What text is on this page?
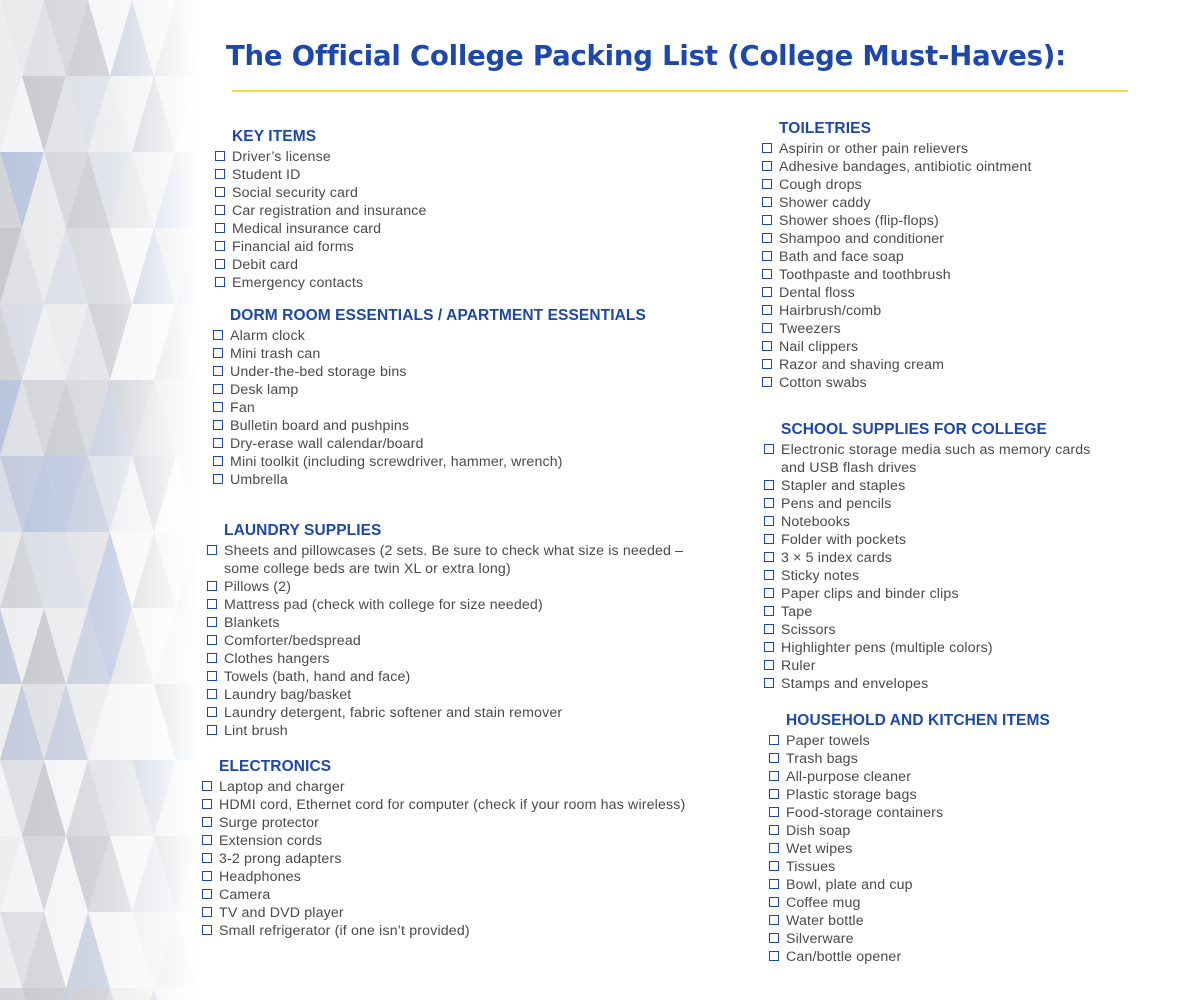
The Official College Packing List (College Must-Haves):
KEY ITEMS
Driver’s license
Student ID
Social security card
Car registration and insurance
Medical insurance card
Financial aid forms
Debit card
Emergency contacts
DORM ROOM ESSENTIALS / APARTMENT ESSENTIALS
Alarm clock
Mini trash can
Under-the-bed storage bins
Desk lamp
Fan
Bulletin board and pushpins
Dry-erase wall calendar/board
Mini toolkit (including screwdriver, hammer, wrench)
Umbrella
LAUNDRY SUPPLIES
Sheets and pillowcases (2 sets. Be sure to check what size is needed –
some college beds are twin XL or extra long)
Pillows (2)
Mattress pad (check with college for size needed)
Blankets
Comforter/bedspread
Clothes hangers
Towels (bath, hand and face)
Laundry bag/basket
Laundry detergent, fabric softener and stain remover
Lint brush
ELECTRONICS
Laptop and charger
HDMI cord, Ethernet cord for computer (check if your room has wireless)
Surge protector
Extension cords
3-2 prong adapters
Headphones
Camera
TV and DVD player
Small refrigerator (if one isn’t provided)
TOILETRIES
Aspirin or other pain relievers
Adhesive bandages, antibiotic ointment
Cough drops
Shower caddy
Shower shoes (flip-flops)
Shampoo and conditioner
Bath and face soap
Toothpaste and toothbrush
Dental floss
Hairbrush/comb
Tweezers
Nail clippers
Razor and shaving cream
Cotton swabs
SCHOOL SUPPLIES FOR COLLEGE
Electronic storage media such as memory cards
and USB flash drives
Stapler and staples
Pens and pencils
Notebooks
Folder with pockets
3 × 5 index cards
Sticky notes
Paper clips and binder clips
Tape
Scissors
Highlighter pens (multiple colors)
Ruler
Stamps and envelopes
HOUSEHOLD AND KITCHEN ITEMS
Paper towels
Trash bags
All-purpose cleaner
Plastic storage bags
Food-storage containers
Dish soap
Wet wipes
Tissues
Bowl, plate and cup
Coffee mug
Water bottle
Silverware
Can/bottle opener
